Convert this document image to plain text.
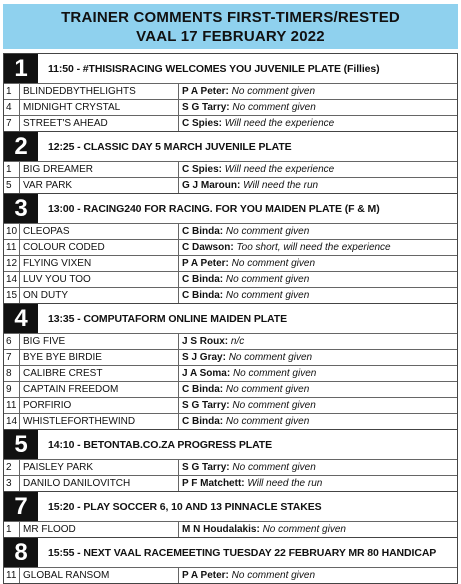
TRAINER COMMENTS FIRST-TIMERS/RESTED
VAAL 17 FEBRUARY 2022
1	11:50 - #THISISRACING WELCOMES YOU JUVENILE PLATE (Fillies)
1	BLINDEDBYTHELIGHTS	P A Peter: No comment given
4	MIDNIGHT CRYSTAL	S G Tarry: No comment given
7	STREET'S AHEAD	C Spies: Will need the experience
2	12:25 - CLASSIC DAY 5 MARCH JUVENILE PLATE
1	BIG DREAMER	C Spies: Will need the experience
5	VAR PARK	G J Maroun: Will need the run
3	13:00 - RACING240 FOR RACING. FOR YOU MAIDEN PLATE (F & M)
10 CLEOPAS	C Binda: No comment given
11 COLOUR CODED	C Dawson: Too short, will need the experience
12 FLYING VIXEN	P A Peter: No comment given
14 LUV YOU TOO	C Binda: No comment given
15 ON DUTY	C Binda: No comment given
4	13:35 - COMPUTAFORM ONLINE MAIDEN PLATE
6	BIG FIVE	J S Roux: n/c
7	BYE BYE BIRDIE	S J Gray: No comment given
8	CALIBRE CREST	J A Soma: No comment given
9	CAPTAIN FREEDOM	C Binda: No comment given
11 PORFIRIO	S G Tarry: No comment given
14 WHISTLEFORTHEWIND	C Binda: No comment given
5	14:10 - BETONTAB.CO.ZA PROGRESS PLATE
2	PAISLEY PARK	S G Tarry: No comment given
3	DANILO DANILOVITCH	P F Matchett: Will need the run
7	15:20 - PLAY SOCCER 6, 10 AND 13 PINNACLE STAKES
1	MR FLOOD	M N Houdalakis: No comment given
8	15:55 - NEXT VAAL RACEMEETING TUESDAY 22 FEBRUARY MR 80 HANDICAP
11 GLOBAL RANSOM	P A Peter: No comment given
